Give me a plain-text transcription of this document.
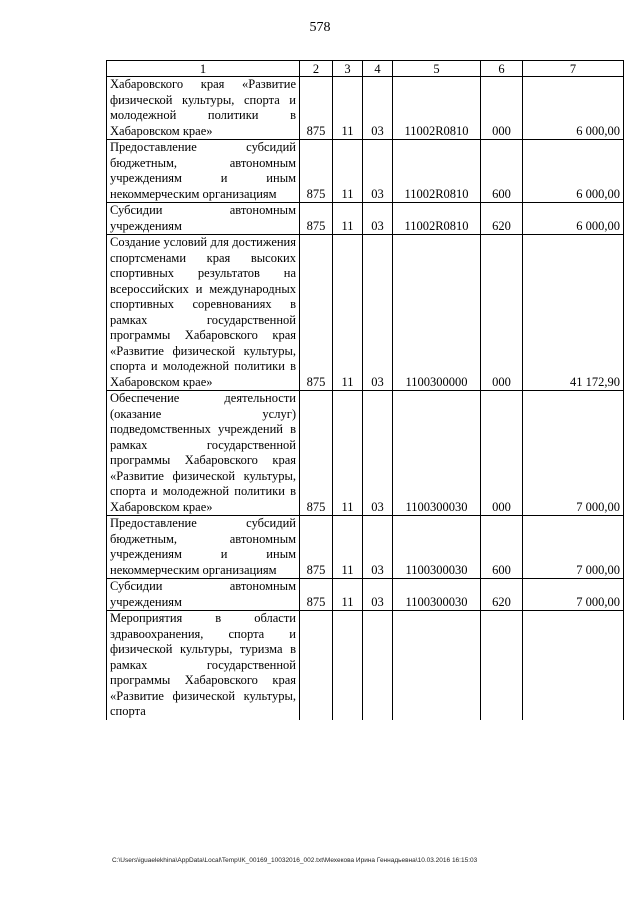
578
1	2	3	4	5	6	7
Хабаровского края «Развитие физической культуры, спорта и молодежной политики в Хабаровском крае»	875	11	03	11002R0810	000	6 000,00
Предоставление субсидий бюджетным, автономным учреждениям и иным некоммерческим организациям	875	11	03	11002R0810	600	6 000,00
Субсидии автономным учреждениям	875	11	03	11002R0810	620	6 000,00
Создание условий для достижения спортсменами края высоких спортивных результатов на всероссийских и международных спортивных соревнованиях в рамках государственной программы Хабаровского края «Развитие физической культуры, спорта и молодежной политики в Хабаровском крае»	875	11	03	1100300000	000	41 172,90
Обеспечение деятельности (оказание услуг) подведомственных учреждений в рамках государственной программы Хабаровского края «Развитие физической культуры, спорта и молодежной политики в Хабаровском крае»	875	11	03	1100300030	000	7 000,00
Предоставление субсидий бюджетным, автономным учреждениям и иным некоммерческим организациям	875	11	03	1100300030	600	7 000,00
Субсидии автономным учреждениям	875	11	03	1100300030	620	7 000,00
Мероприятия в области здравоохранения, спорта и физической культуры, туризма в рамках государственной программы Хабаровского края «Развитие физической культуры, спорта						
C:\Users\iguaelekhina\AppData\Local\Temp\IK_00169_10032016_002.txt\Мехекова Ирина Геннадьевна\10.03.2016 16:15:03
